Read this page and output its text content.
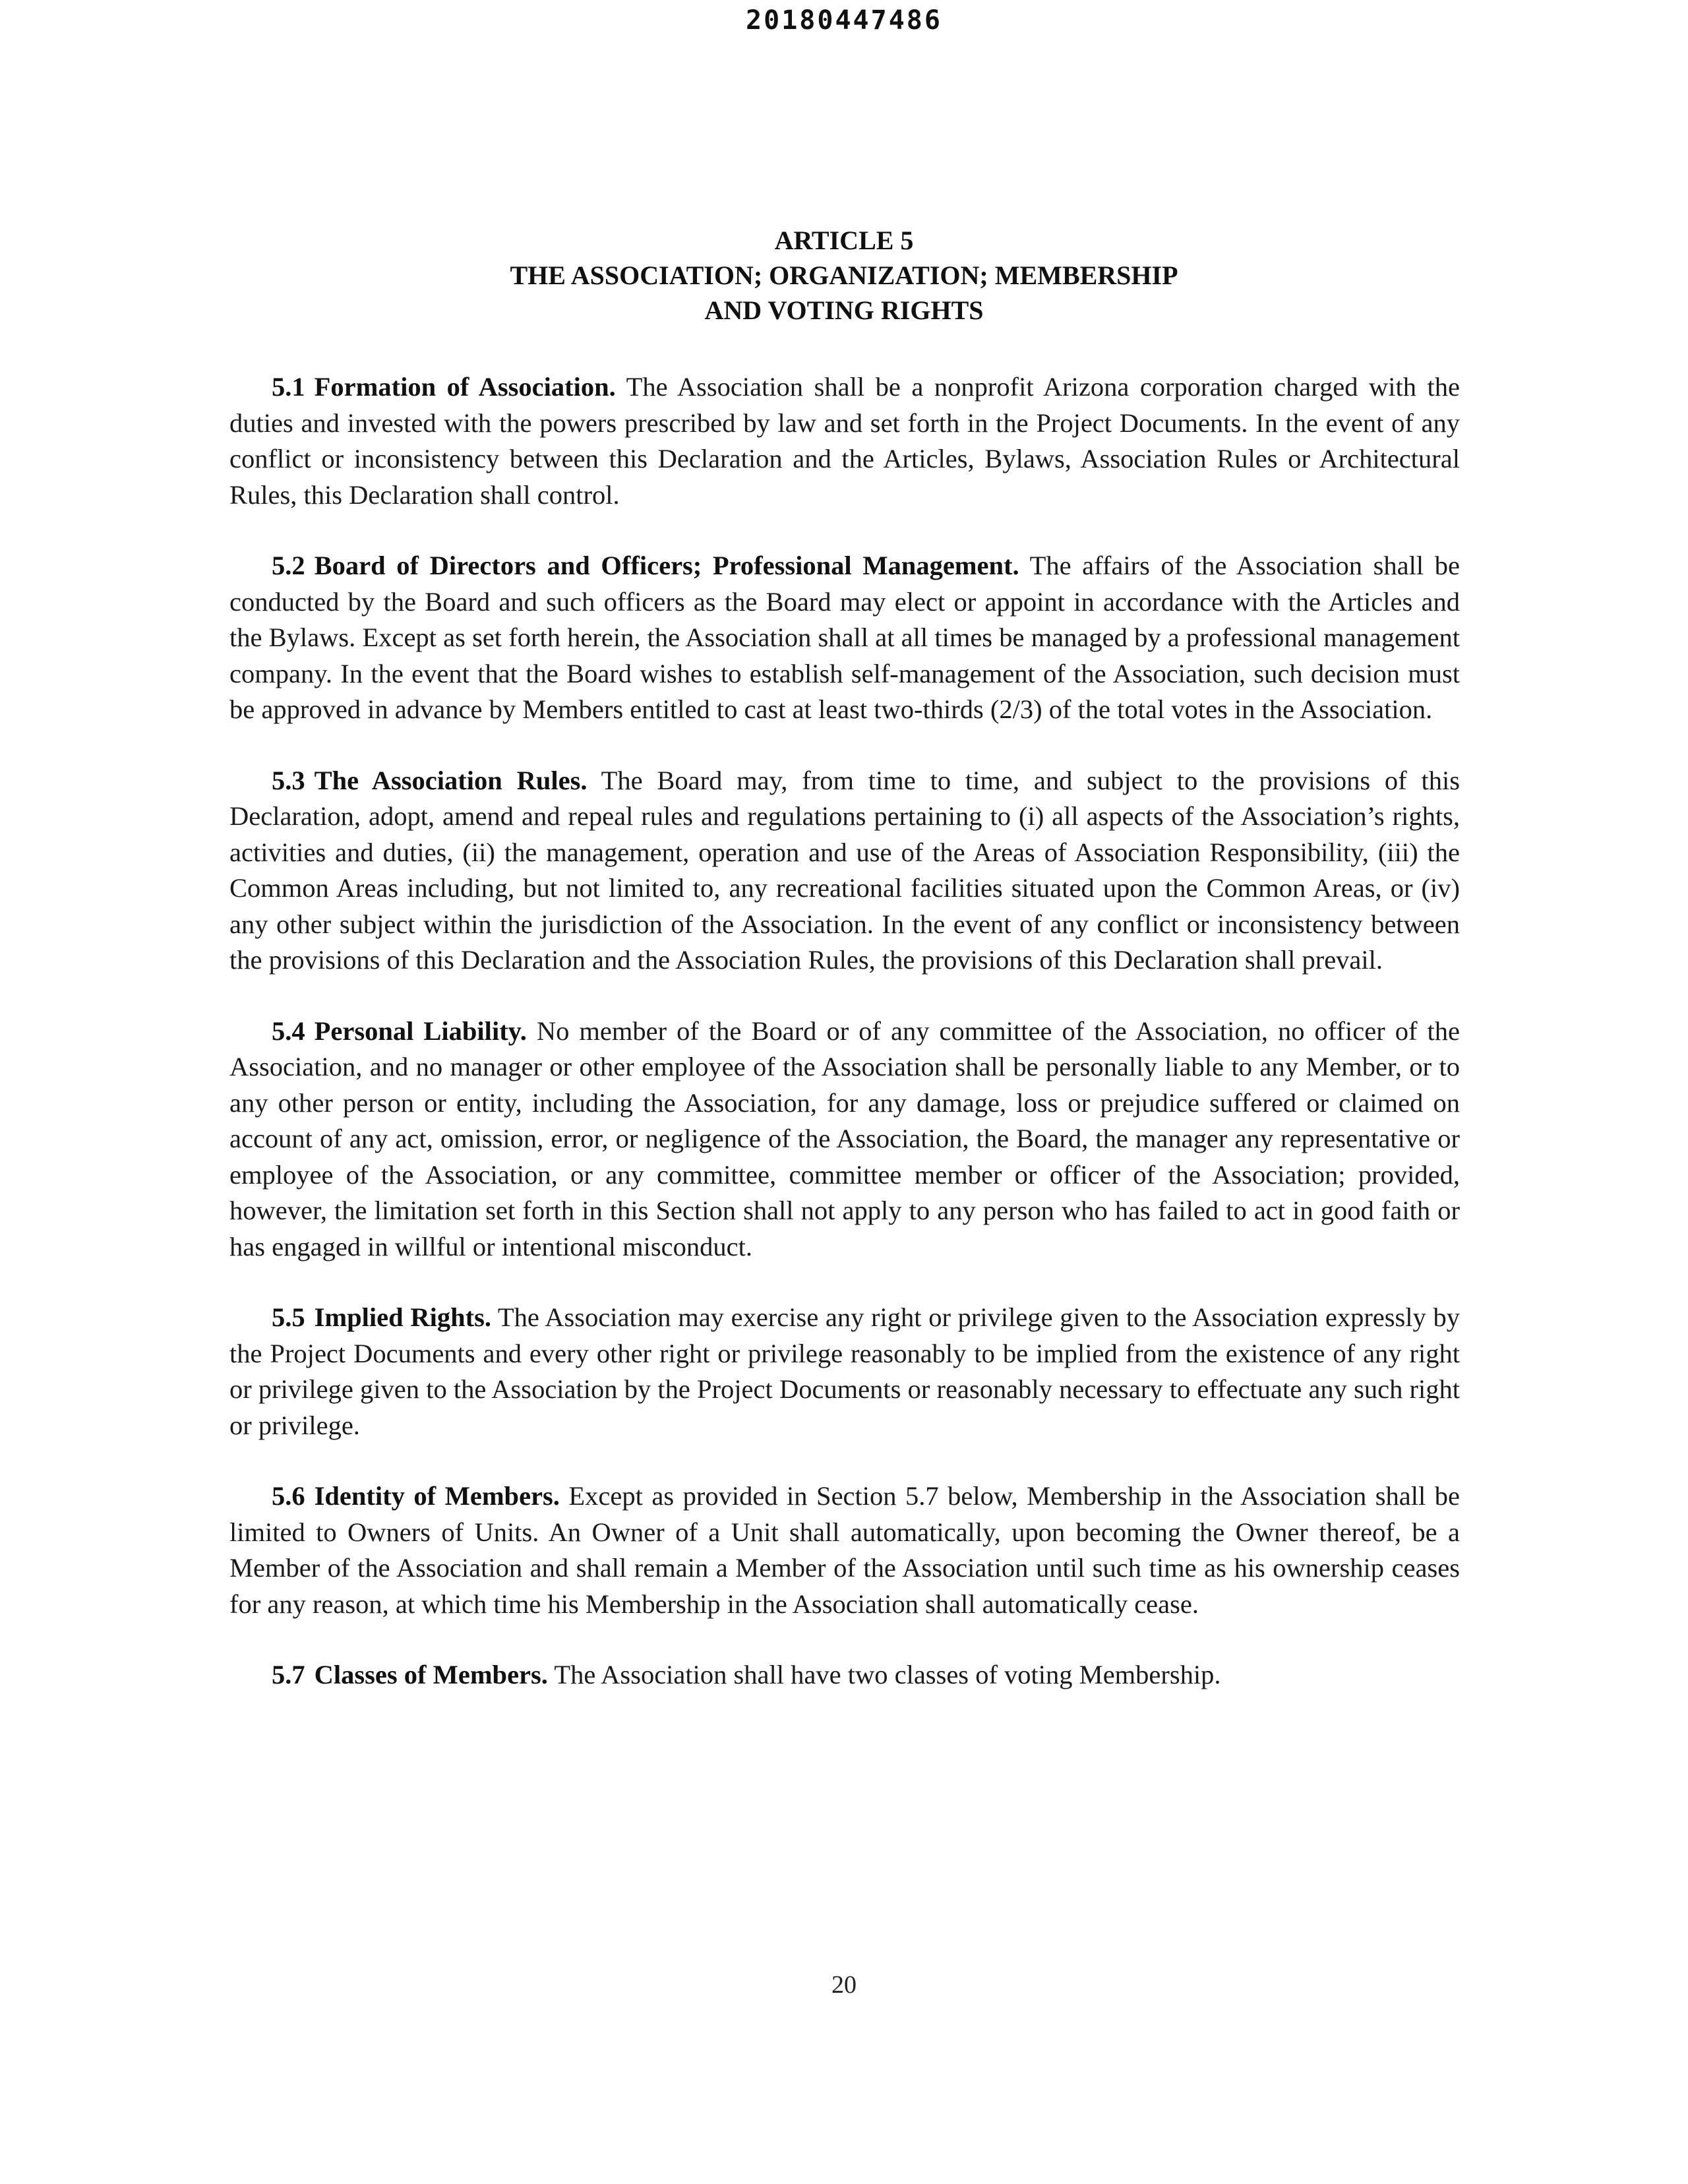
20180447486
ARTICLE 5
THE ASSOCIATION; ORGANIZATION; MEMBERSHIP
AND VOTING RIGHTS

5.1 Formation of Association. The Association shall be a nonprofit Arizona corporation charged with the duties and invested with the powers prescribed by law and set forth in the Project Documents. In the event of any conflict or inconsistency between this Declaration and the Articles, Bylaws, Association Rules or Architectural Rules, this Declaration shall control.

5.2 Board of Directors and Officers; Professional Management. The affairs of the Association shall be conducted by the Board and such officers as the Board may elect or appoint in accordance with the Articles and the Bylaws. Except as set forth herein, the Association shall at all times be managed by a professional management company. In the event that the Board wishes to establish self-management of the Association, such decision must be approved in advance by Members entitled to cast at least two-thirds (2/3) of the total votes in the Association.

5.3 The Association Rules. The Board may, from time to time, and subject to the provisions of this Declaration, adopt, amend and repeal rules and regulations pertaining to (i) all aspects of the Association’s rights, activities and duties, (ii) the management, operation and use of the Areas of Association Responsibility, (iii) the Common Areas including, but not limited to, any recreational facilities situated upon the Common Areas, or (iv) any other subject within the jurisdiction of the Association. In the event of any conflict or inconsistency between the provisions of this Declaration and the Association Rules, the provisions of this Declaration shall prevail.

5.4 Personal Liability. No member of the Board or of any committee of the Association, no officer of the Association, and no manager or other employee of the Association shall be personally liable to any Member, or to any other person or entity, including the Association, for any damage, loss or prejudice suffered or claimed on account of any act, omission, error, or negligence of the Association, the Board, the manager any representative or employee of the Association, or any committee, committee member or officer of the Association; provided, however, the limitation set forth in this Section shall not apply to any person who has failed to act in good faith or has engaged in willful or intentional misconduct.

5.5 Implied Rights. The Association may exercise any right or privilege given to the Association expressly by the Project Documents and every other right or privilege reasonably to be implied from the existence of any right or privilege given to the Association by the Project Documents or reasonably necessary to effectuate any such right or privilege.

5.6 Identity of Members. Except as provided in Section 5.7 below, Membership in the Association shall be limited to Owners of Units. An Owner of a Unit shall automatically, upon becoming the Owner thereof, be a Member of the Association and shall remain a Member of the Association until such time as his ownership ceases for any reason, at which time his Membership in the Association shall automatically cease.

5.7 Classes of Members. The Association shall have two classes of voting Membership.

20
